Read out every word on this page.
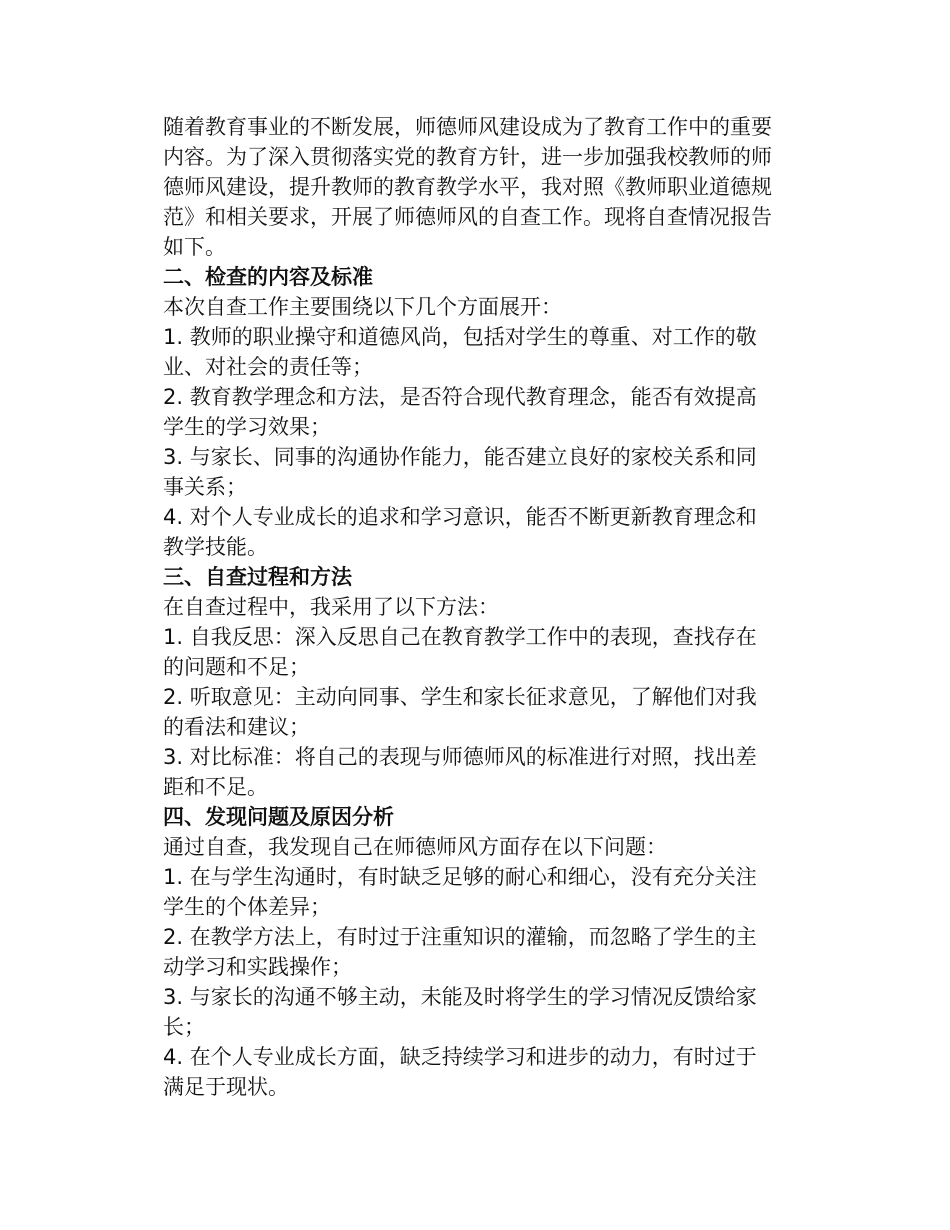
随着教育事业的不断发展，师德师风建设成为了教育工作中的重要内容。为了深入贯彻落实党的教育方针，进一步加强我校教师的师德师风建设，提升教师的教育教学水平，我对照《教师职业道德规范》和相关要求，开展了师德师风的自查工作。现将自查情况报告如下。

二、检查的内容及标准

本次自查工作主要围绕以下几个方面展开：

1. 教师的职业操守和道德风尚，包括对学生的尊重、对工作的敬业、对社会的责任等；

2. 教育教学理念和方法，是否符合现代教育理念，能否有效提高学生的学习效果；

3. 与家长、同事的沟通协作能力，能否建立良好的家校关系和同事关系；

4. 对个人专业成长的追求和学习意识，能否不断更新教育理念和教学技能。

三、自查过程和方法

在自查过程中，我采用了以下方法：

1. 自我反思：深入反思自己在教育教学工作中的表现，查找存在的问题和不足；

2. 听取意见：主动向同事、学生和家长征求意见，了解他们对我的看法和建议；

3. 对比标准：将自己的表现与师德师风的标准进行对照，找出差距和不足。

四、发现问题及原因分析

通过自查，我发现自己在师德师风方面存在以下问题：

1. 在与学生沟通时，有时缺乏足够的耐心和细心，没有充分关注学生的个体差异；

2. 在教学方法上，有时过于注重知识的灌输，而忽略了学生的主动学习和实践操作；

3. 与家长的沟通不够主动，未能及时将学生的学习情况反馈给家长；

4. 在个人专业成长方面，缺乏持续学习和进步的动力，有时过于满足于现状。
